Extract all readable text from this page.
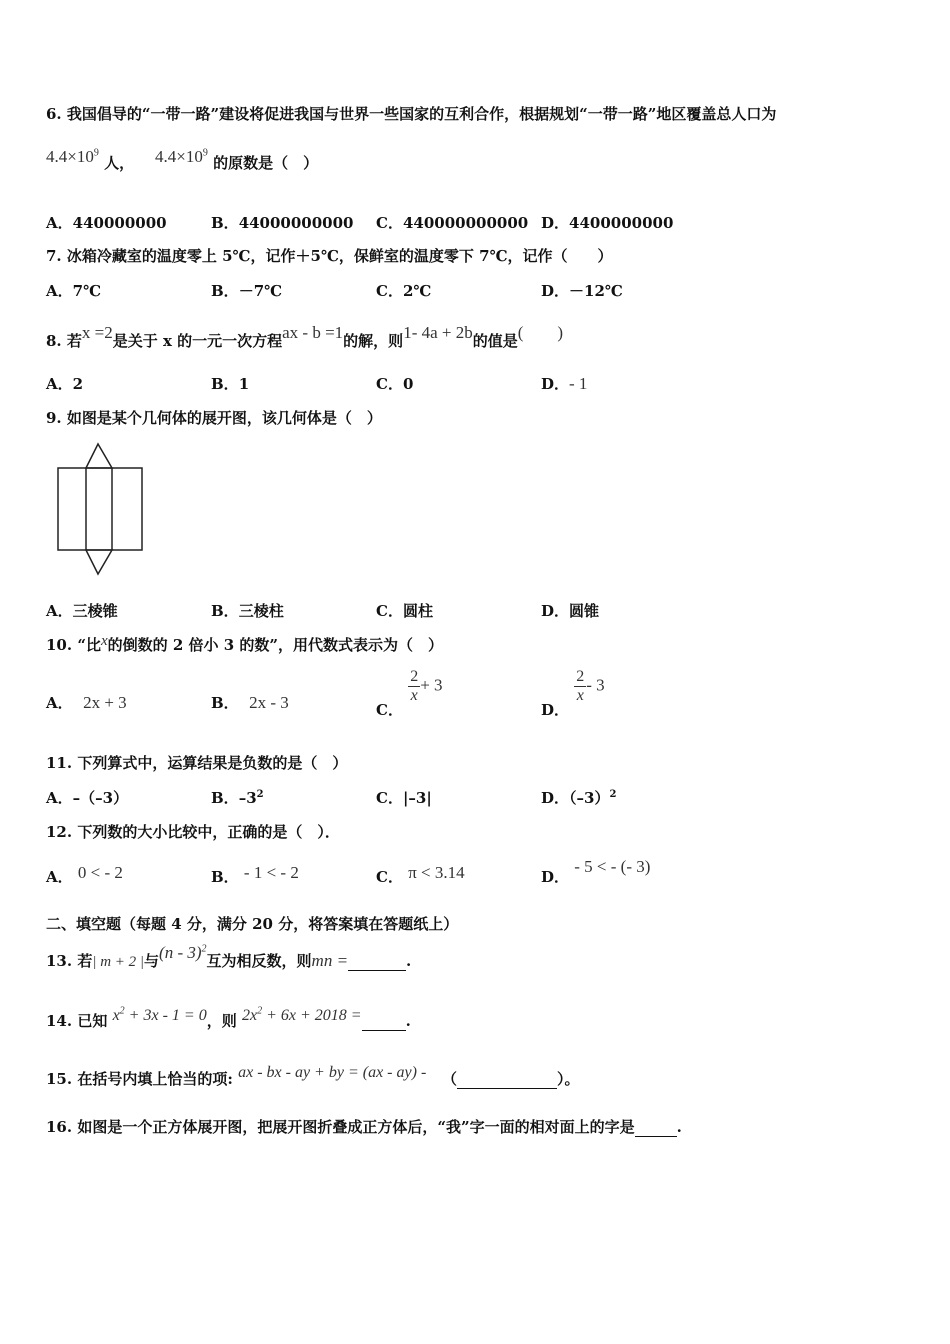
6. 我国倡导的“一带一路”建设将促进我国与世界一些国家的互利合作，根据规划“一带一路”地区覆盖总人口为
$4.4\times 10^9$ 人， $4.4\times 10^9$ 的原数是（　）
A．440000000	B．44000000000 C．440000000000 D．4400000000
7. 冰箱冷藏室的温度零上 5℃，记作＋5℃，保鲜室的温度零下 7℃，记作（　　）
A．7℃	B．－7℃	C．2℃	D．－12℃
8. 若x =2是关于 x 的一元一次方程ax - b =1的解，则1- 4a + 2b的值是(　　)
A．2	B．1	C．0	D．- 1
9. 如图是某个几何体的展开图，该几何体是（　）
A．三棱锥	B．三棱柱	C．圆柱	D．圆锥
10. “比x的倒数的 2 倍小 3 的数”，用代数式表示为（　）
A． 2x + 3	B． 2x - 3	C．
$\frac{2}{x} + 3$
D．
$\frac{2}{x} - 3$
11. 下列算式中，运算结果是负数的是（　）
A．–（–3）	B．$-3^2$	C．|–3|	D．$(-3)^2$
12. 下列数的大小比较中，正确的是（　）．
A． 0 < - 2	B． - 1 < - 2	C． π < 3.14	D． - 5 < - (- 3)
二、填空题（每题 4 分，满分 20 分，将答案填在答题纸上）
13. 若| m + 2 |与(n - 3)$^2$互为相反数，则mn =	.
14. 已知 $x^2 + 3x - 1 = 0$，则 $2x^2 + 6x + 2018$ =	.
15. 在括号内填上恰当的项: ax - bx - ay + by = (ax - ay) - （	）。
16. 如图是一个正方体展开图，把展开图折叠成正方体后，“我”字一面的相对面上的字是	.
